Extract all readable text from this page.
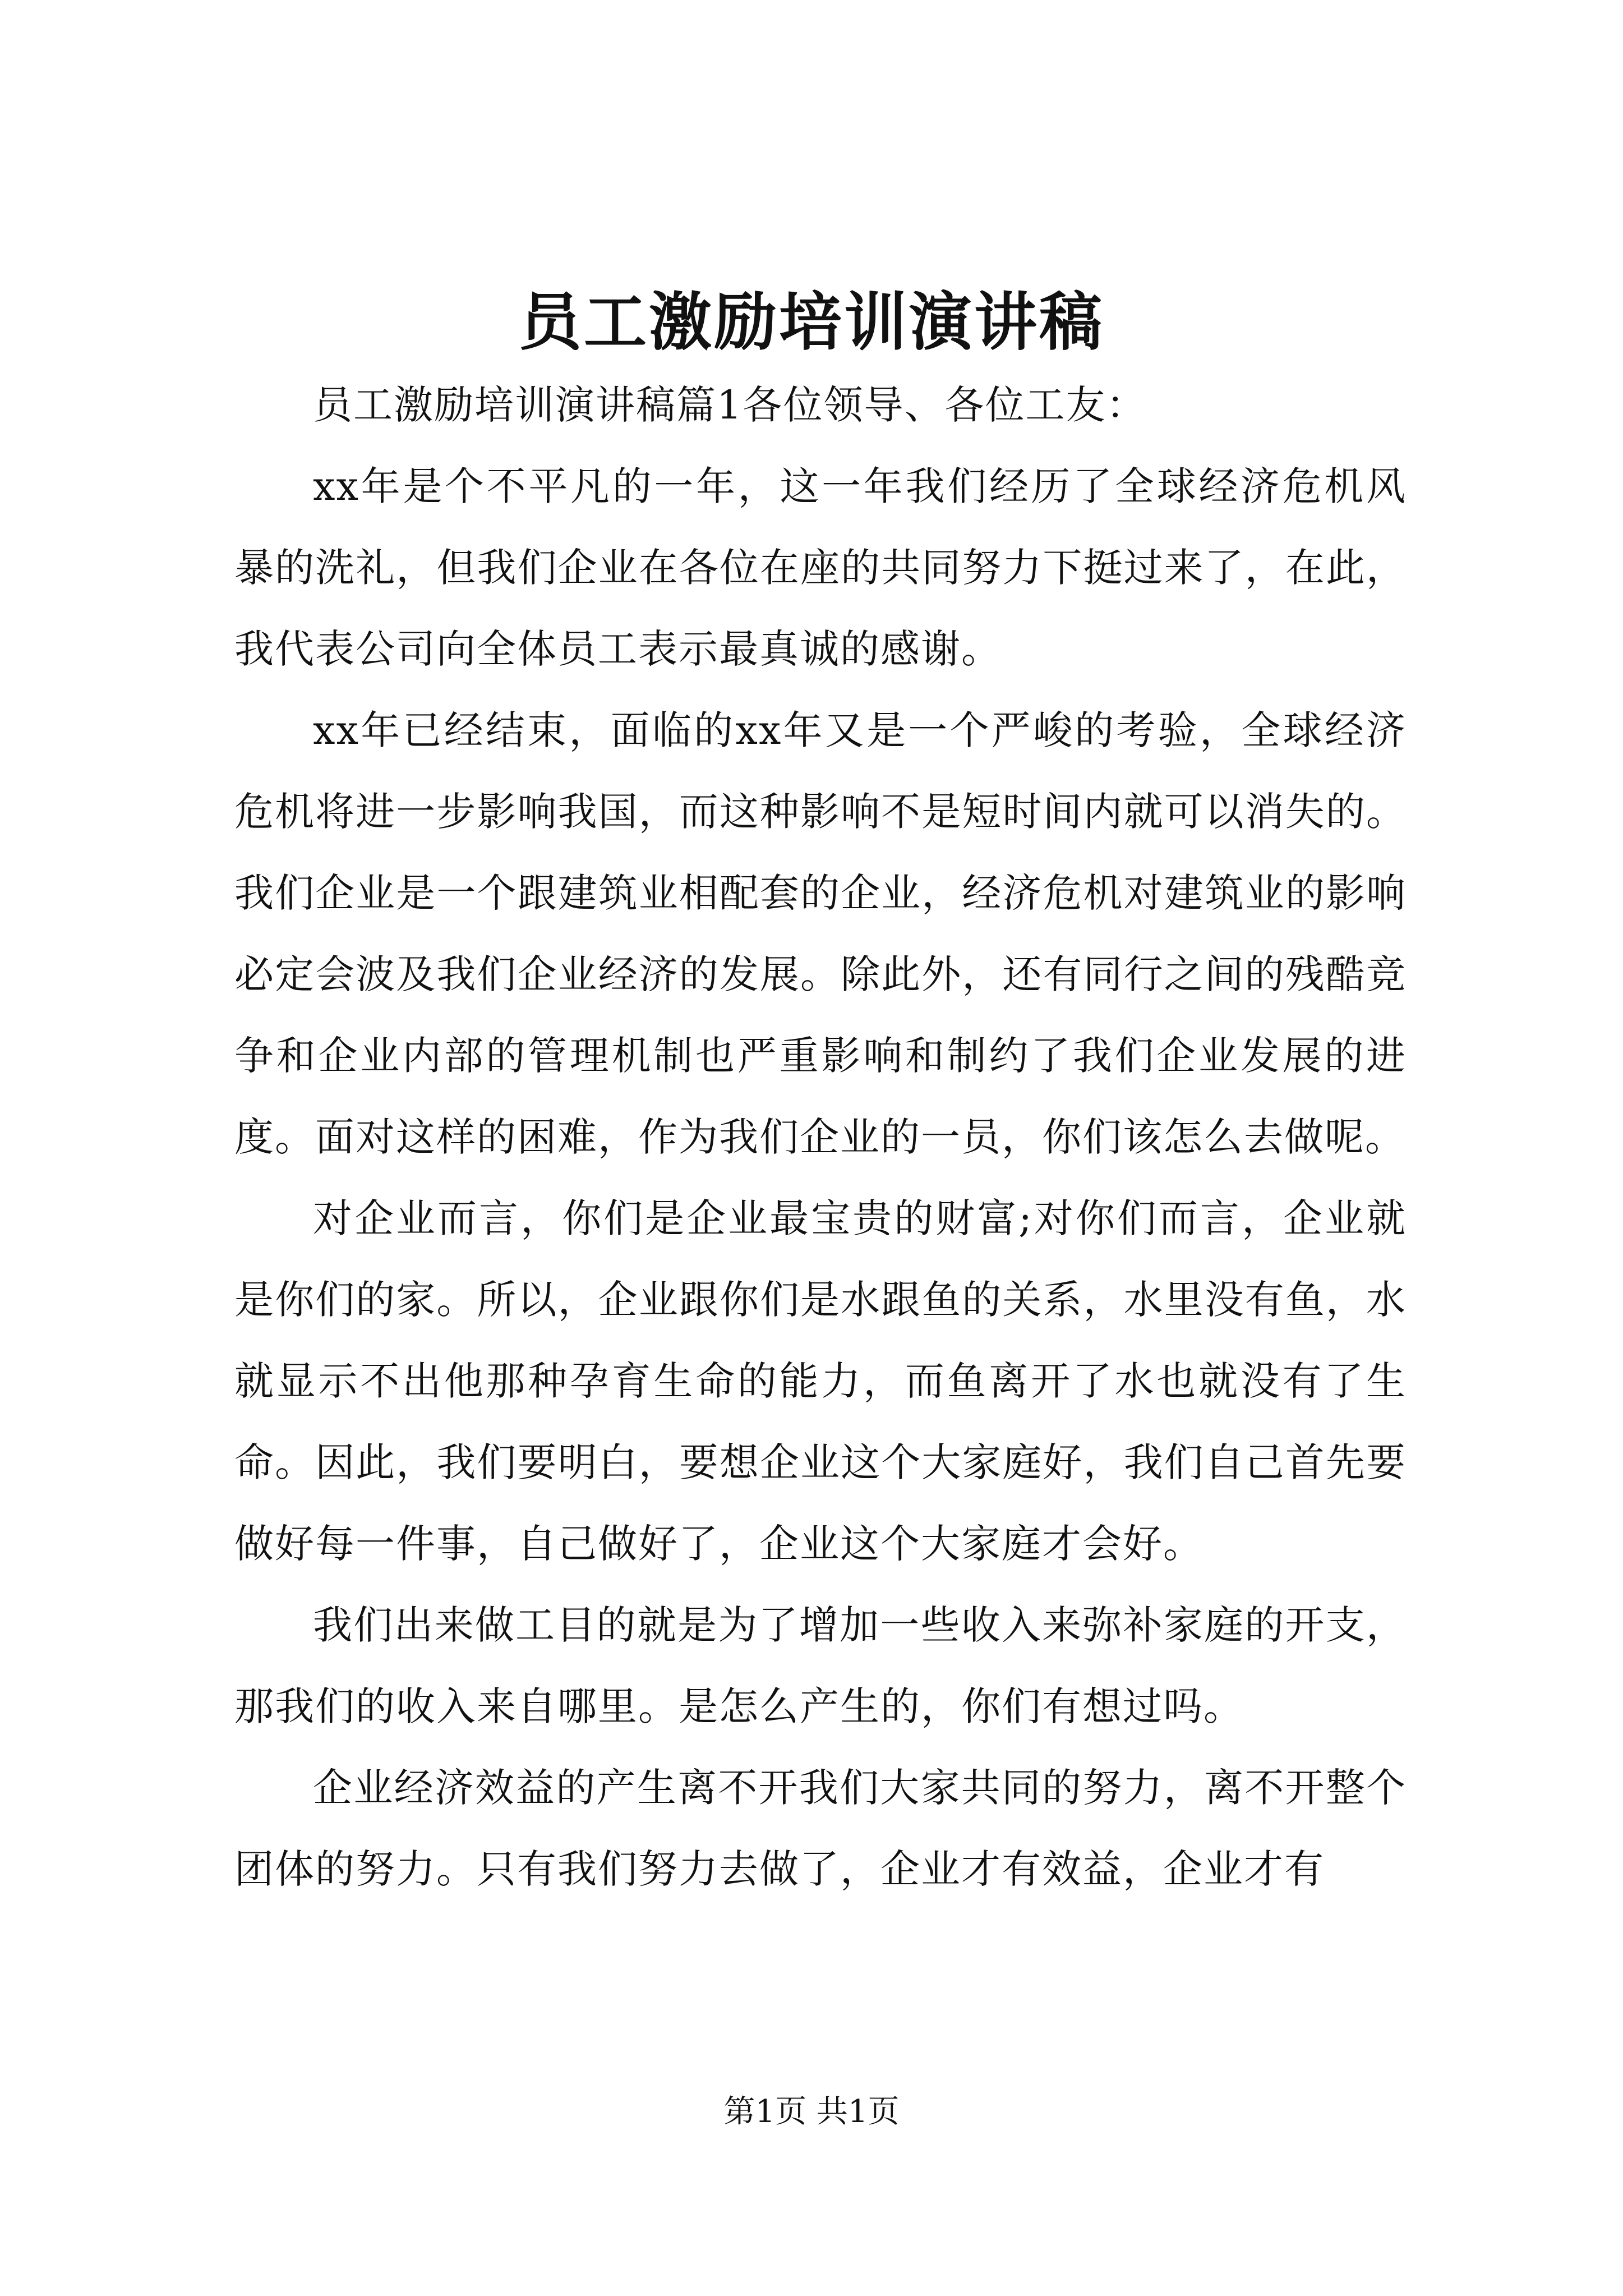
员工激励培训演讲稿

员工激励培训演讲稿篇1各位领导、各位工友：

xx年是个不平凡的一年，这一年我们经历了全球经济危机风暴的洗礼，但我们企业在各位在座的共同努力下挺过来了，在此，我代表公司向全体员工表示最真诚的感谢。

xx年已经结束，面临的xx年又是一个严峻的考验，全球经济危机将进一步影响我国，而这种影响不是短时间内就可以消失的。我们企业是一个跟建筑业相配套的企业，经济危机对建筑业的影响必定会波及我们企业经济的发展。除此外，还有同行之间的残酷竞争和企业内部的管理机制也严重影响和制约了我们企业发展的进度。面对这样的困难，作为我们企业的一员，你们该怎么去做呢。

对企业而言，你们是企业最宝贵的财富;对你们而言，企业就是你们的家。所以，企业跟你们是水跟鱼的关系，水里没有鱼，水就显示不出他那种孕育生命的能力，而鱼离开了水也就没有了生命。因此，我们要明白，要想企业这个大家庭好，我们自己首先要做好每一件事，自己做好了，企业这个大家庭才会好。

我们出来做工目的就是为了增加一些收入来弥补家庭的开支，那我们的收入来自哪里。是怎么产生的，你们有想过吗。

企业经济效益的产生离不开我们大家共同的努力，离不开整个团体的努力。只有我们努力去做了，企业才有效益，企业才有

第1页 共1页
